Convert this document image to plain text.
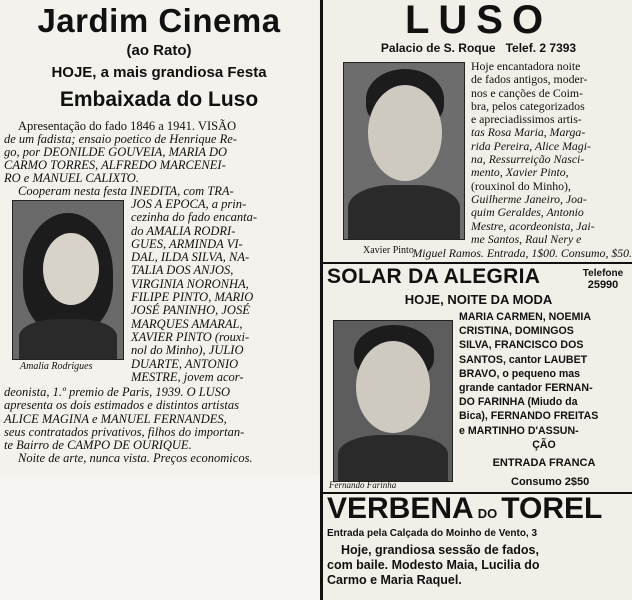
Jardim Cinema
(ao Rato)
HOJE, a mais grandiosa Festa
Embaixada do Luso
Apresentação do fado 1846 a 1941. VISÃO
de um fadista; ensaio poetico de Henrique Re-
go, por DEONILDE GOUVEIA, MARIA DO
CARMO TORRES, ALFREDO MARCENEI-
RO e MANUEL CALIXTO.
Cooperam nesta festa INEDITA, com TRA-
Amalia Rodrigues
JOS A EPOCA, a prin-
cezinha do fado encanta-
do AMALIA RODRI-
GUES, ARMINDA VI-
DAL, ILDA SILVA, NA-
TALIA DOS ANJOS,
VIRGINIA NORONHA,
FILIPE PINTO, MARIO
JOSÉ PANINHO, JOSÉ
MARQUES AMARAL,
XAVIER PINTO (rouxi-
nol do Minho), JULIO
DUARTE, ANTONIO
MESTRE, jovem acor-
deonista, 1.º premio de Paris, 1939. O LUSO
apresenta os dois estimados e distintos artistas
ALICE MAGINA e MANUEL FERNANDES,
seus contratados privativos, filhos do importan-
te Bairro de CAMPO DE OURIQUE.
Noite de arte, nunca vista. Preços economicos.
LUSO
Palacio de S. Roque   Telef. 2 7393
Xavier Pinto
Hoje encantadora noite
de fados antigos, moder-
nos e canções de Coim-
bra, pelos categorizados
e apreciadissimos artis-
tas Rosa Maria, Marga-
rida Pereira, Alice Magi-
na, Ressurreição Nasci-
mento, Xavier Pinto,
(rouxinol do Minho),
Guilherme Janeiro, Joa-
quim Geraldes, Antonio
Mestre, acordeonista, Jai-
me Santos, Raul Nery e
Miguel Ramos. Entrada, 1$00. Consumo, $50.
SOLAR DA ALEGRIA	Telefone
25990
HOJE, NOITE DA MODA
Fernando Farinha
MARIA CARMEN, NOEMIA
CRISTINA, DOMINGOS
SILVA, FRANCISCO DOS
SANTOS, cantor LAUBET
BRAVO, o pequeno mas
grande cantador FERNAN-
DO FARINHA (Miudo da
Bica), FERNANDO FREITAS
e MARTINHO D'ASSUN-
ÇÃO
ENTRADA FRANCA
Consumo 2$50
VERBENA DO TOREL
Entrada pela Calçada do Moinho de Vento, 3
Hoje, grandiosa sessão de fados,
com baile. Modesto Maia, Lucilia do
Carmo e Maria Raquel.
